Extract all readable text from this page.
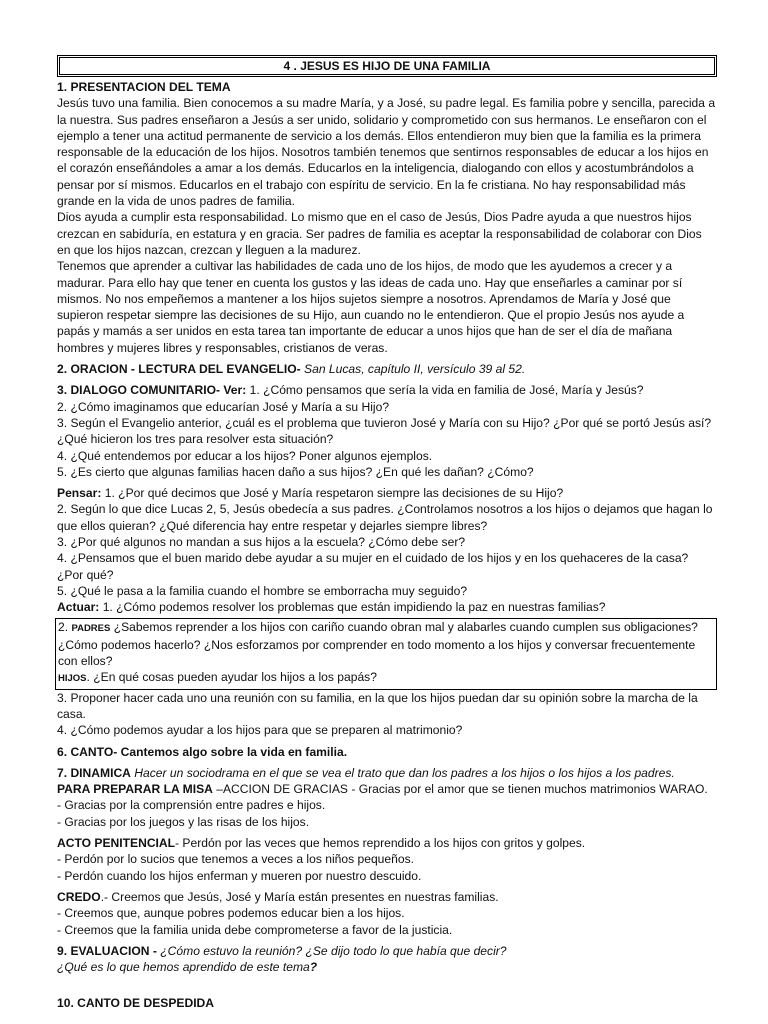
4 . JESUS ES HIJO DE UNA FAMILIA

1. PRESENTACION DEL TEMA

Jesús tuvo una familia. Bien conocemos a su madre María, y a José, su padre legal. Es familia pobre y sencilla, parecida a la nuestra. Sus padres enseñaron a Jesús a ser unido, solidario y comprometido con sus hermanos. Le enseñaron con el ejemplo a tener una actitud permanente de servicio a los demás. Ellos entendieron muy bien que la familia es la primera responsable de la educación de los hijos. Nosotros también tenemos que sentirnos responsables de educar a los hijos en el corazón enseñándoles a amar a los demás. Educarlos en la inteligencia, dialogando con ellos y acostumbrándolos a pensar por sí mismos. Educarlos en el trabajo con espíritu de servicio. En la fe cristiana. No hay responsabilidad más grande en la vida de unos padres de familia.

Dios ayuda a cumplir esta responsabilidad. Lo mismo que en el caso de Jesús, Dios Padre ayuda a que nuestros hijos crezcan en sabiduría, en estatura y en gracia. Ser padres de familia es aceptar la responsabilidad de colaborar con Dios en que los hijos nazcan, crezcan y lleguen a la madurez.

Tenemos que aprender a cultivar las habilidades de cada uno de los hijos, de modo que les ayudemos a crecer y a madurar. Para ello hay que tener en cuenta los gustos y las ideas de cada uno. Hay que enseñarles a caminar por sí mismos. No nos empeñemos a mantener a los hijos sujetos siempre a nosotros. Aprendamos de María y José que supieron respetar siempre las decisiones de su Hijo, aun cuando no le entendieron. Que el propio Jesús nos ayude a papás y mamás a ser unidos en esta tarea tan importante de educar a unos hijos que han de ser el día de mañana hombres y mujeres libres y responsables, cristianos de veras.

2. ORACION - LECTURA DEL EVANGELIO- San Lucas, capítulo II, versículo 39 al 52.

3. DIALOGO COMUNITARIO- Ver: 1. ¿Cómo pensamos que sería la vida en familia de José, María y Jesús?

2. ¿Cómo imaginamos que educarían José y María a su Hijo?

3. Según el Evangelio anterior, ¿cuál es el problema que tuvieron José y María con su Hijo? ¿Por qué se portó Jesús así? ¿Qué hicieron los tres para resolver esta situación?

4. ¿Qué entendemos por educar a los hijos? Poner algunos ejemplos.

5. ¿Es cierto que algunas familias hacen daño a sus hijos? ¿En qué les dañan? ¿Cómo?

Pensar: 1. ¿Por qué decimos que José y María respetaron siempre las decisiones de su Hijo?

2. Según lo que dice Lucas 2, 5, Jesús obedecía a sus padres. ¿Controlamos nosotros a los hijos o dejamos que hagan lo que ellos quieran? ¿Qué diferencia hay entre respetar y dejarles siempre libres?

3. ¿Por qué algunos no mandan a sus hijos a la escuela? ¿Cómo debe ser?

4. ¿Pensamos que el buen marido debe ayudar a su mujer en el cuidado de los hijos y en los quehaceres de la casa? ¿Por qué?

5. ¿Qué le pasa a la familia cuando el hombre se emborracha muy seguido?

Actuar: 1. ¿Cómo podemos resolver los problemas que están impidiendo la paz en nuestras familias?

2. PADRES ¿Sabemos reprender a los hijos con cariño cuando obran mal y alabarles cuando cumplen sus obligaciones? ¿Cómo podemos hacerlo? ¿Nos esforzamos por comprender en todo momento a los hijos y conversar frecuentemente con ellos?

HIJOS. ¿En qué cosas pueden ayudar los hijos a los papás?

3. Proponer hacer cada uno una reunión con su familia, en la que los hijos puedan dar su opinión sobre la marcha de la casa.

4. ¿Cómo podemos ayudar a los hijos para que se preparen al matrimonio?

6. CANTO- Cantemos algo sobre la vida en familia.

7. DINAMICA Hacer un sociodrama en el que se vea el trato que dan los padres a los hijos o los hijos a los padres.

PARA PREPARAR LA MISA –ACCION DE GRACIAS - Gracias por el amor que se tienen muchos matrimonios WARAO.

- Gracias por la comprensión entre padres e hijos.

- Gracias por los juegos y las risas de los hijos.

ACTO PENITENCIAL- Perdón por las veces que hemos reprendido a los hijos con gritos y golpes.

- Perdón por lo sucios que tenemos a veces a los niños pequeños.

- Perdón cuando los hijos enferman y mueren por nuestro descuido.

CREDO.- Creemos que Jesús, José y María están presentes en nuestras familias.

- Creemos que, aunque pobres podemos educar bien a los hijos.

- Creemos que la familia unida debe comprometerse a favor de la justicia.

9. EVALUACION - ¿Cómo estuvo la reunión? ¿Se dijo todo lo que había que decir?

¿Qué es lo que hemos aprendido de este tema?

10. CANTO DE DESPEDIDA
